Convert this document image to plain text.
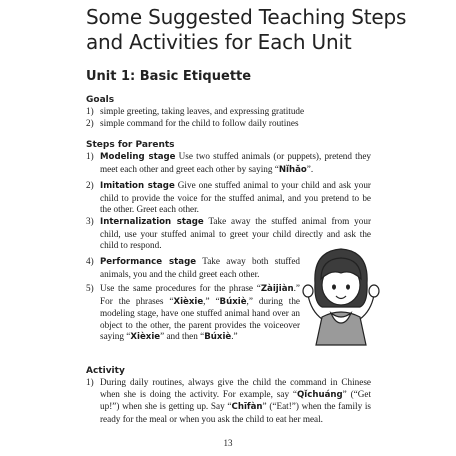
Some Suggested Teaching Steps and Activities for Each Unit
Unit 1: Basic Etiquette
Goals
1) simple greeting, taking leaves, and expressing gratitude
2) simple command for the child to follow daily routines
Steps for Parents
1) Modeling stage Use two stuffed animals (or puppets), pretend they meet each other and greet each other by saying “Nǐhǎo”.
2) Imitation stage Give one stuffed animal to your child and ask your child to provide the voice for the stuffed animal, and you pretend to be the other. Greet each other.
3) Internalization stage Take away the stuffed animal from your child, use your stuffed animal to greet your child directly and ask the child to respond.
4) Performance stage Take away both stuffed animals, you and the child greet each other.
5) Use the same procedures for the phrase “Zàijiàn.” For the phrases “Xièxie,” “Búxiè,” during the modeling stage, have one stuffed animal hand over an object to the other, the parent provides the voiceover saying “Xièxie” and then “Búxiè.”
Activity
1) During daily routines, always give the child the command in Chinese when she is doing the activity. For example, say “Qǐchuáng” (“Get up!”) when she is getting up. Say “Chīfàn” (“Eat!”) when the family is ready for the meal or when you ask the child to eat her meal.
13
